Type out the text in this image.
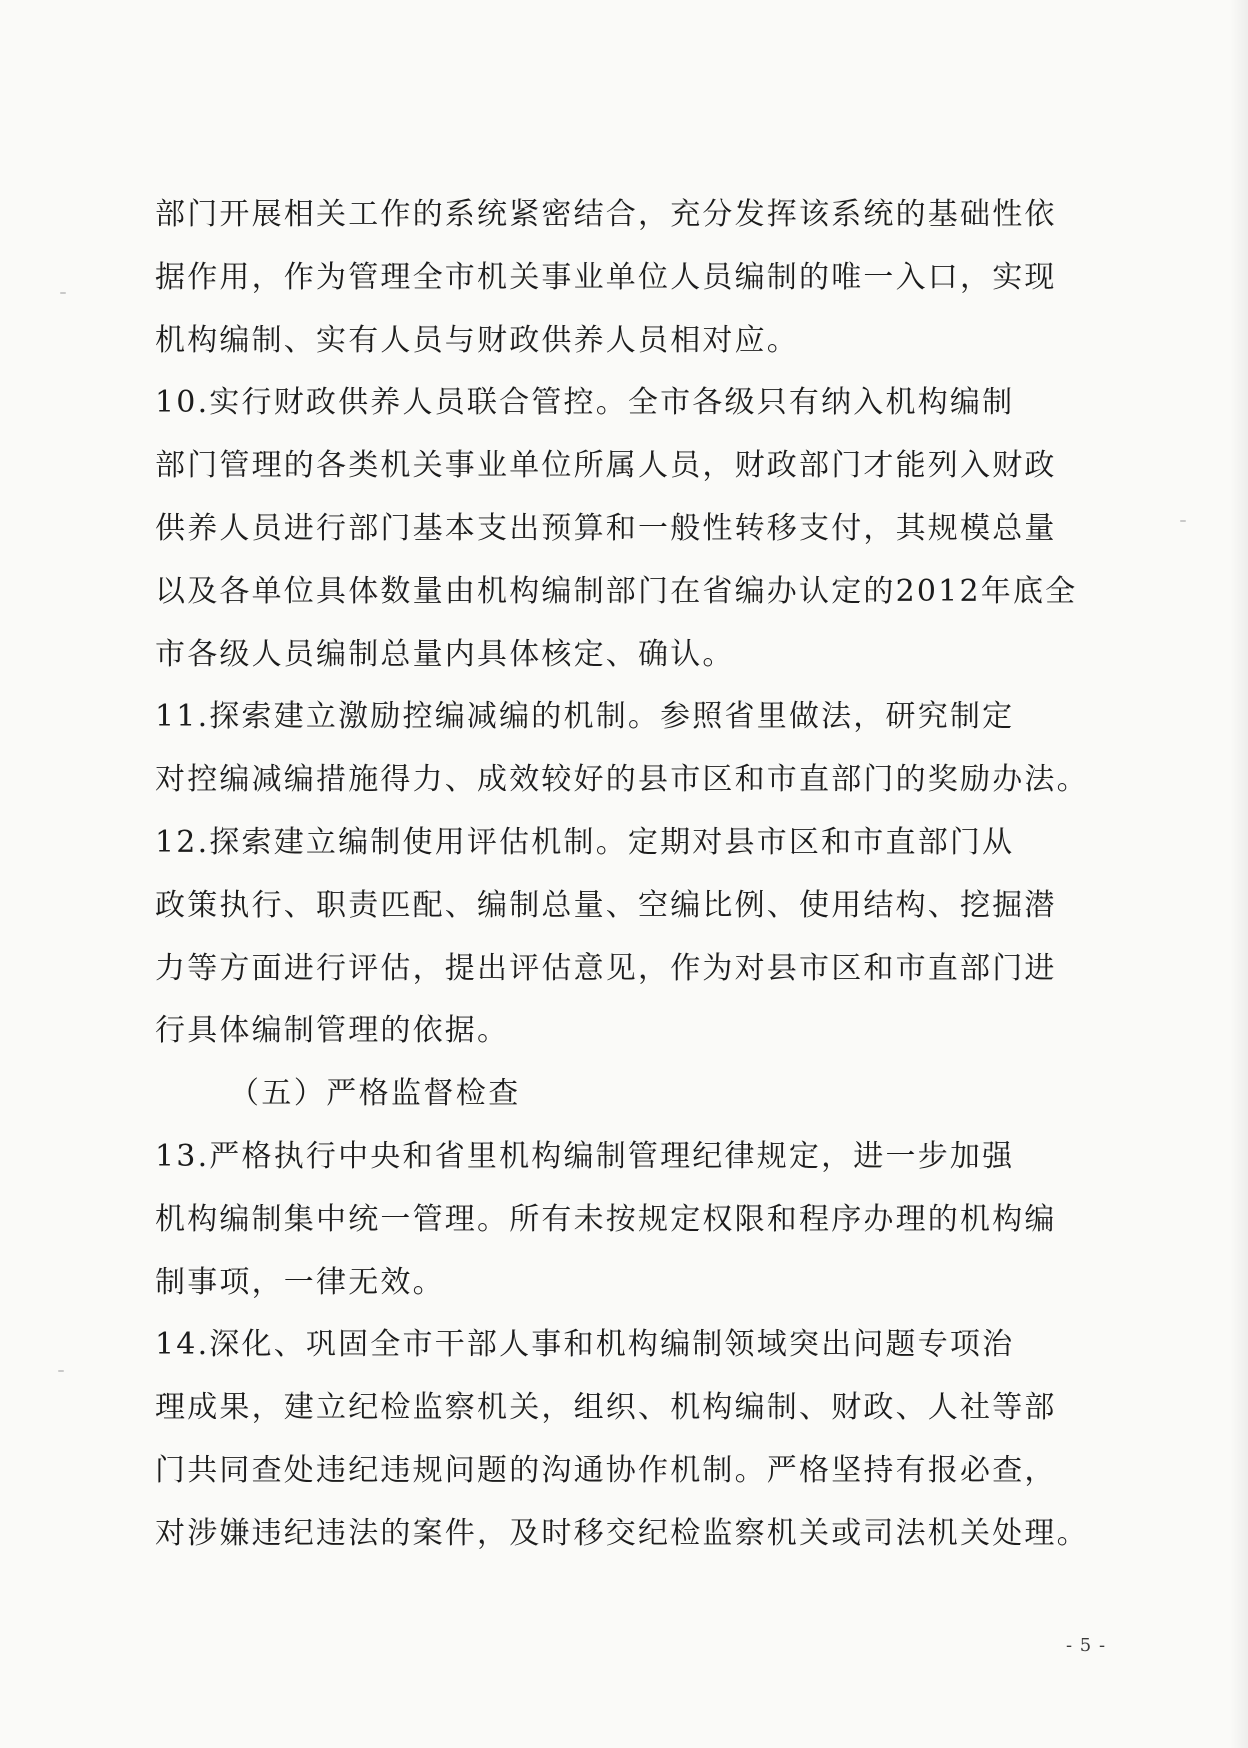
部门开展相关工作的系统紧密结合，充分发挥该系统的基础性依
据作用，作为管理全市机关事业单位人员编制的唯一入口，实现
机构编制、实有人员与财政供养人员相对应。
10.实行财政供养人员联合管控。全市各级只有纳入机构编制
部门管理的各类机关事业单位所属人员，财政部门才能列入财政
供养人员进行部门基本支出预算和一般性转移支付，其规模总量
以及各单位具体数量由机构编制部门在省编办认定的2012年底全
市各级人员编制总量内具体核定、确认。
11.探索建立激励控编减编的机制。参照省里做法，研究制定
对控编减编措施得力、成效较好的县市区和市直部门的奖励办法。
12.探索建立编制使用评估机制。定期对县市区和市直部门从
政策执行、职责匹配、编制总量、空编比例、使用结构、挖掘潜
力等方面进行评估，提出评估意见，作为对县市区和市直部门进
行具体编制管理的依据。
（五）严格监督检查
13.严格执行中央和省里机构编制管理纪律规定，进一步加强
机构编制集中统一管理。所有未按规定权限和程序办理的机构编
制事项，一律无效。
14.深化、巩固全市干部人事和机构编制领域突出问题专项治
理成果，建立纪检监察机关，组织、机构编制、财政、人社等部
门共同查处违纪违规问题的沟通协作机制。严格坚持有报必查，
对涉嫌违纪违法的案件，及时移交纪检监察机关或司法机关处理。
- 5 -
